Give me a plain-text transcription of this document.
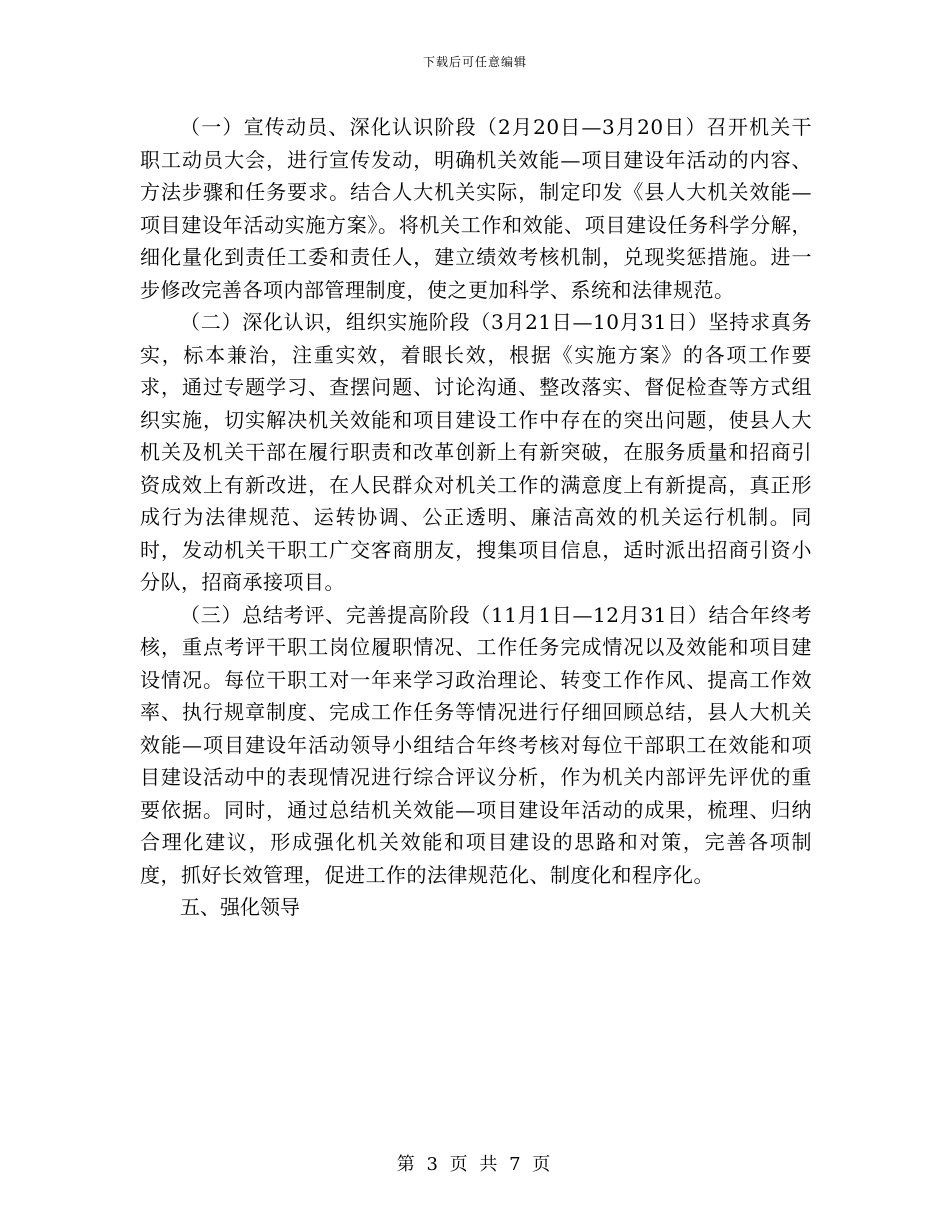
下载后可任意编辑

（一）宣传动员、深化认识阶段（2月20日—3月20日）召开机关干职工动员大会，进行宣传发动，明确机关效能—项目建设年活动的内容、方法步骤和任务要求。结合人大机关实际，制定印发《县人大机关效能—项目建设年活动实施方案》。将机关工作和效能、项目建设任务科学分解，细化量化到责任工委和责任人，建立绩效考核机制，兑现奖惩措施。进一步修改完善各项内部管理制度，使之更加科学、系统和法律规范。

（二）深化认识，组织实施阶段（3月21日—10月31日）坚持求真务实，标本兼治，注重实效，着眼长效，根据《实施方案》的各项工作要求，通过专题学习、查摆问题、讨论沟通、整改落实、督促检查等方式组织实施，切实解决机关效能和项目建设工作中存在的突出问题，使县人大机关及机关干部在履行职责和改革创新上有新突破，在服务质量和招商引资成效上有新改进，在人民群众对机关工作的满意度上有新提高，真正形成行为法律规范、运转协调、公正透明、廉洁高效的机关运行机制。同时，发动机关干职工广交客商朋友，搜集项目信息，适时派出招商引资小分队，招商承接项目。

（三）总结考评、完善提高阶段（11月1日—12月31日）结合年终考核，重点考评干职工岗位履职情况、工作任务完成情况以及效能和项目建设情况。每位干职工对一年来学习政治理论、转变工作作风、提高工作效率、执行规章制度、完成工作任务等情况进行仔细回顾总结，县人大机关效能—项目建设年活动领导小组结合年终考核对每位干部职工在效能和项目建设活动中的表现情况进行综合评议分析，作为机关内部评先评优的重要依据。同时，通过总结机关效能—项目建设年活动的成果，梳理、归纳合理化建议，形成强化机关效能和项目建设的思路和对策，完善各项制度，抓好长效管理，促进工作的法律规范化、制度化和程序化。

五、强化领导

第 3 页 共 7 页
